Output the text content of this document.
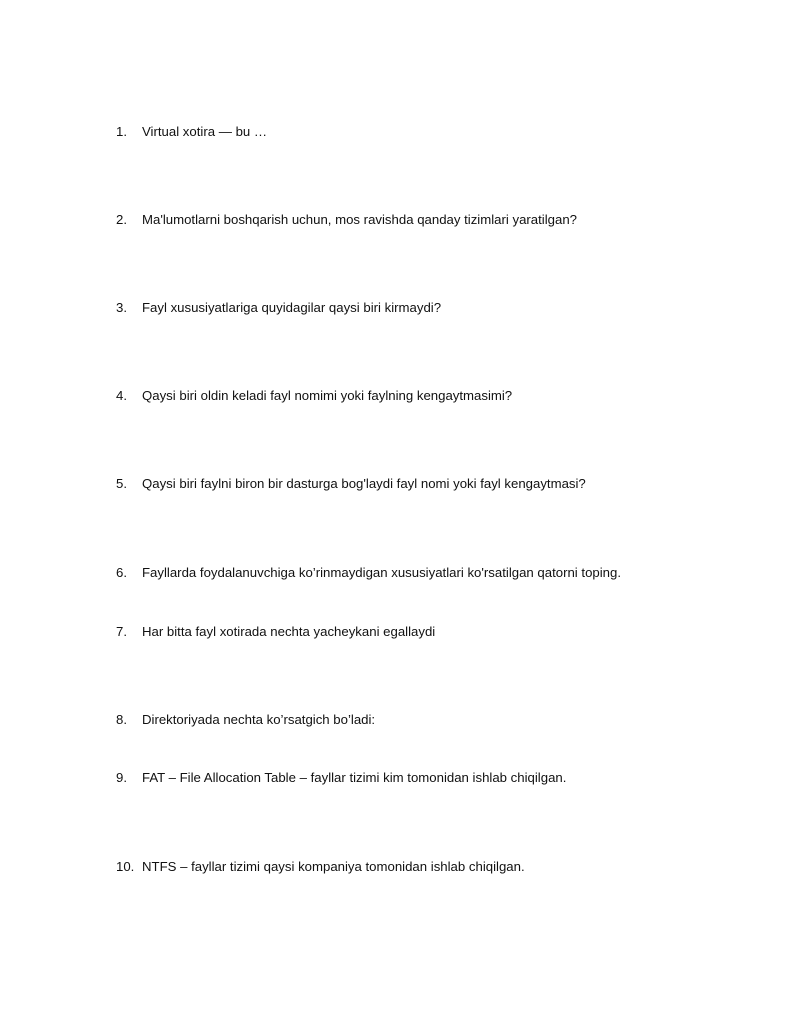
1.	Virtual xotira — bu …
2.	Ma'lumotlarni boshqarish uchun, mos ravishda qanday tizimlari yaratilgan?
3.	Fayl xususiyatlariga quyidagilar qaysi biri kirmaydi?
4.	Qaysi biri oldin keladi fayl nomimi yoki faylning kengaytmasimi?
5.	Qaysi biri faylni biron bir dasturga bog'laydi fayl nomi yoki fayl kengaytmasi?
6.	Fayllarda foydalanuvchiga ko’rinmaydigan xususiyatlari ko'rsatilgan qatorni toping.
7.	Har bitta fayl xotirada nechta yacheykani egallaydi
8.	Direktoriyada nechta ko’rsatgich bo’ladi:
9.	FAT – File Allocation Table – fayllar tizimi kim tomonidan ishlab chiqilgan.
10. NTFS – fayllar tizimi qaysi kompaniya tomonidan ishlab chiqilgan.
